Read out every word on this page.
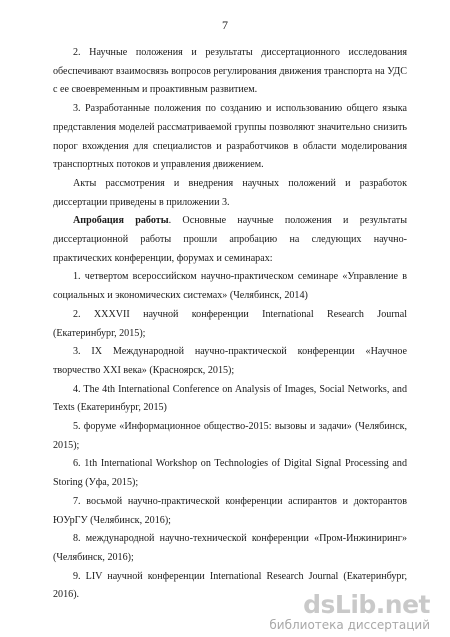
7

2. Научные положения и результаты диссертационного исследования обеспечивают взаимосвязь вопросов регулирования движения транспорта на УДС с ее своевременным и проактивным развитием.

3. Разработанные положения по созданию и использованию общего языка представления моделей рассматриваемой группы позволяют значительно снизить порог вхождения для специалистов и разработчиков в области моделирования транспортных потоков и управления движением.

Акты рассмотрения и внедрения научных положений и разработок диссертации приведены в приложении 3.

Апробация работы. Основные научные положения и результаты диссертационной работы прошли апробацию на следующих научно-практических конференции, форумах и семинарах:

1. четвертом всероссийском научно-практическом семинаре «Управление в социальных и экономических системах» (Челябинск, 2014)

2. XXXVII научной конференции International Research Journal (Екатеринбург, 2015);

3. IX Международной научно-практической конференции «Научное творчество XXI века» (Красноярск, 2015);

4. The 4th International Conference on Analysis of Images, Social Networks, and Texts (Екатеринбург, 2015)

5. форуме «Информационное общество-2015: вызовы и задачи» (Челябинск, 2015);

6. 1th International Workshop on Technologies of Digital Signal Processing and Storing (Уфа, 2015);

7. восьмой научно-практической конференции аспирантов и докторантов ЮУрГУ (Челябинск, 2016);

8. международной научно-технической конференции «Пром-Инжиниринг» (Челябинск, 2016);

9. LIV научной конференции International Research Journal (Екатеринбург, 2016).	dsLib.net
библиотека диссертаций
